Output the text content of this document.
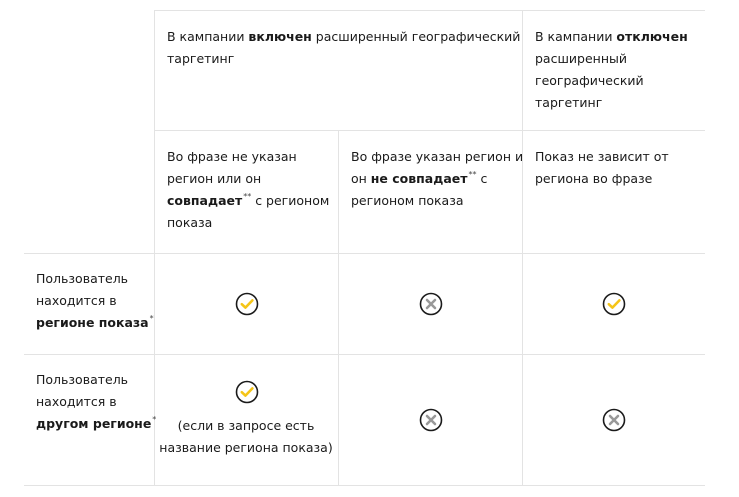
В кампании включен расширенный географический
таргетинг
В кампании отключен
расширенный
географический
таргетинг
Во фразе не указан
регион или он
совпадает** с регионом
показа
Во фразе указан регион и
он не совпадает** с
регионом показа
Показ не зависит от
региона во фразе
Пользователь
находится в
регионе показа*
Пользователь
находится в
другом регионе*	(если в запросе есть
название региона показа)
